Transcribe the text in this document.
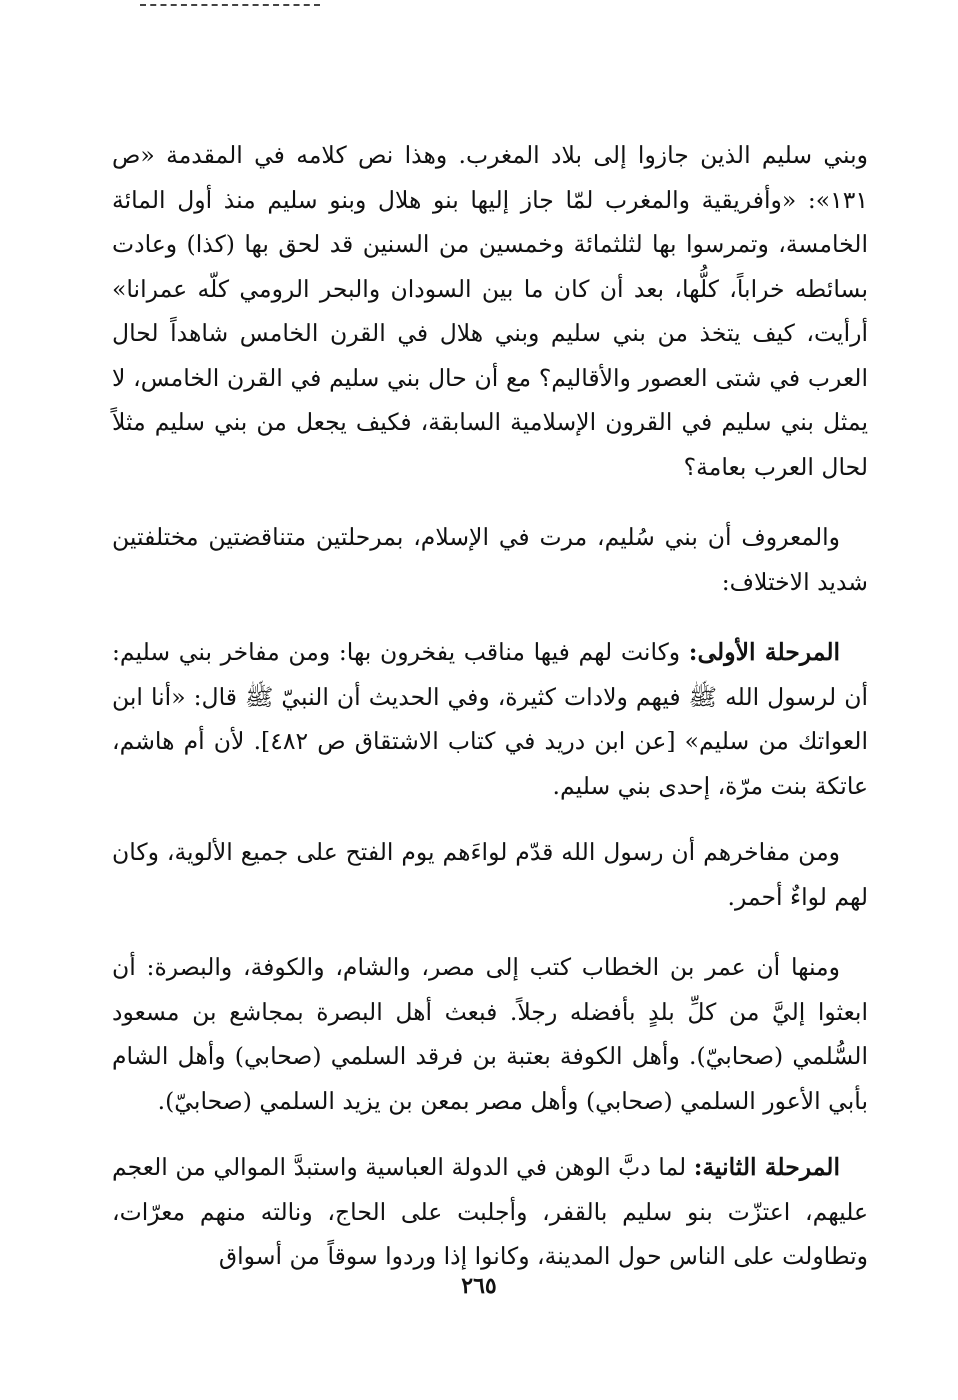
وبني سليم الذين جازوا إلى بلاد المغرب. وهذا نص كلامه في المقدمة «ص ١٣١»: «وأفريقية والمغرب لمّا جاز إليها بنو هلال وبنو سليم منذ أول المائة الخامسة، وتمرسوا بها لثلثمائة وخمسين من السنين قد لحق بها (كذا) وعادت بسائطه خراباً، كلُّها، بعد أن كان ما بين السودان والبحر الرومي كلّه عمرانا» أرأيت، كيف يتخذ من بني سليم وبني هلال في القرن الخامس شاهداً لحال العرب في شتى العصور والأقاليم؟ مع أن حال بني سليم في القرن الخامس، لا يمثل بني سليم في القرون الإسلامية السابقة، فكيف يجعل من بني سليم مثلاً لحال العرب بعامة؟

والمعروف أن بني سُليم، مرت في الإسلام، بمرحلتين متناقضتين مختلفتين شديد الاختلاف:

المرحلة الأولى: وكانت لهم فيها مناقب يفخرون بها: ومن مفاخر بني سليم: أن لرسول الله ﷺ فيهم ولادات كثيرة، وفي الحديث أن النبيّ ﷺ قال: «أنا ابن العواتك من سليم» [عن ابن دريد في كتاب الاشتقاق ص ٤٨٢]. لأن أم هاشم، عاتكة بنت مرّة، إحدى بني سليم.

ومن مفاخرهم أن رسول الله قدّم لواءَهم يوم الفتح على جميع الألوية، وكان لهم لواءٌ أحمر.

ومنها أن عمر بن الخطاب كتب إلى مصر، والشام، والكوفة، والبصرة: أن ابعثوا إليَّ من كلِّ بلدٍ بأفضله رجلاً. فبعث أهل البصرة بمجاشع بن مسعود السُّلمي (صحابيّ). وأهل الكوفة بعتبة بن فرقد السلمي (صحابي) وأهل الشام بأبي الأعور السلمي (صحابي) وأهل مصر بمعن بن يزيد السلمي (صحابيّ).

المرحلة الثانية: لما دبَّ الوهن في الدولة العباسية واستبدَّ الموالي من العجم عليهم، اعتزّت بنو سليم بالقفر، وأجلبت على الحاج، ونالته منهم معرّات، وتطاولت على الناس حول المدينة، وكانوا إذا وردوا سوقاً من أسواق

٢٦٥
